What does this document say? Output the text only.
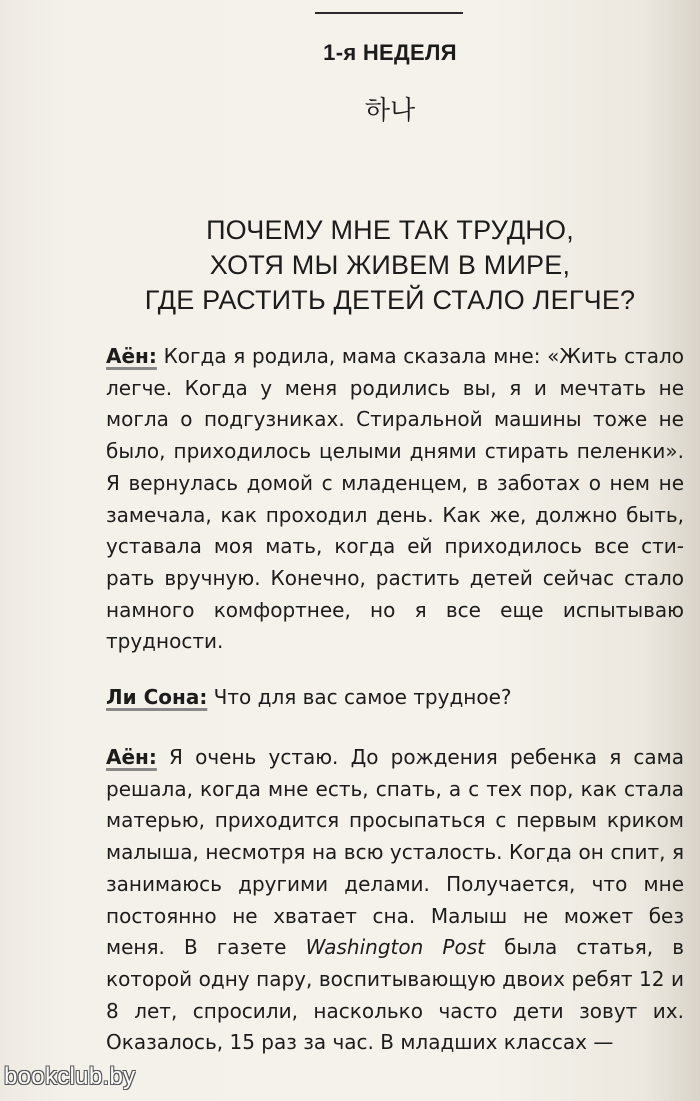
1-я НЕДЕЛЯ
하나
ПОЧЕМУ МНЕ ТАК ТРУДНО,
ХОТЯ МЫ ЖИВЕМ В МИРЕ,
ГДЕ РАСТИТЬ ДЕТЕЙ СТАЛО ЛЕГЧЕ?

Аён: Когда я родила, мама сказала мне: «Жить стало легче. Когда у меня родились вы, я и мечтать не могла о подгузниках. Стиральной машины тоже не было, приходилось целыми днями стирать пеленки». Я вернулась домой с младенцем, в заботах о нем не замечала, как проходил день. Как же, должно быть, уставала моя мать, когда ей приходилось все стирать вручную. Конечно, растить детей сейчас стало намного комфортнее, но я все еще испытываю трудности.

Ли Сона: Что для вас самое трудное?

Аён: Я очень устаю. До рождения ребенка я сама решала, когда мне есть, спать, а с тех пор, как стала матерью, приходится просыпаться с первым криком малыша, несмотря на всю усталость. Когда он спит, я занимаюсь другими делами. Получается, что мне постоянно не хватает сна. Малыш не может без меня. В газете Washington Post была статья, в которой одну пару, воспитывающую двоих ребят 12 и 8 лет, спросили, насколько часто дети зовут их. Оказалось, 15 раз за час. В младших классах —

bookclub.by
